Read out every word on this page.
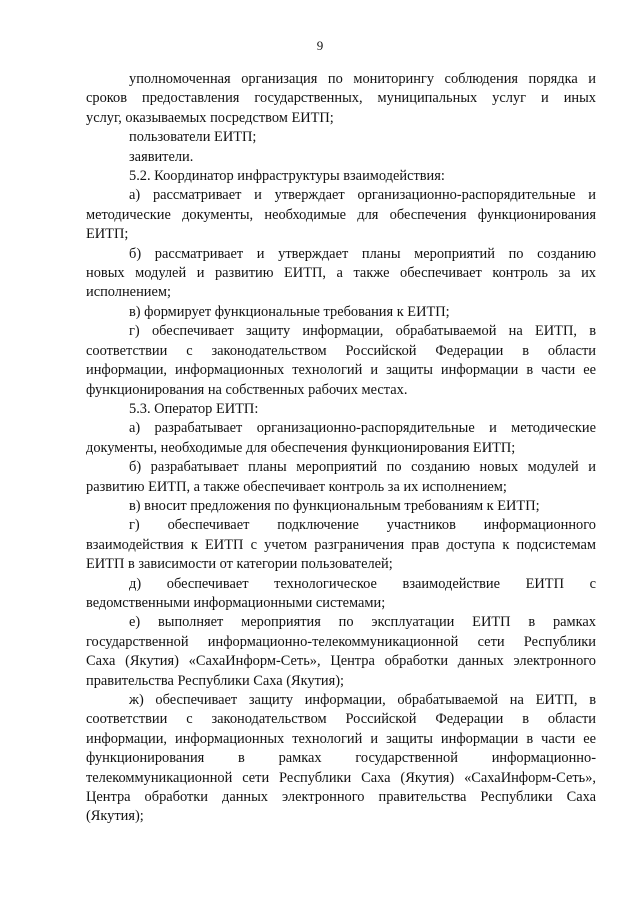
9
уполномоченная организация по мониторингу соблюдения порядка и
сроков предоставления государственных, муниципальных услуг и иных
услуг, оказываемых посредством ЕИТП;
пользователи ЕИТП;
заявители.
5.2. Координатор инфраструктуры взаимодействия:
а) рассматривает и утверждает организационно-распорядительные и
методические документы, необходимые для обеспечения функционирования
ЕИТП;
б) рассматривает и утверждает планы мероприятий по созданию
новых модулей и развитию ЕИТП, а также обеспечивает контроль за их
исполнением;
в) формирует функциональные требования к ЕИТП;
г) обеспечивает защиту информации, обрабатываемой на ЕИТП, в
соответствии с законодательством Российской Федерации в области
информации, информационных технологий и защиты информации в части ее
функционирования на собственных рабочих местах.
5.3. Оператор ЕИТП:
а) разрабатывает организационно-распорядительные и методические
документы, необходимые для обеспечения функционирования ЕИТП;
б) разрабатывает планы мероприятий по созданию новых модулей и
развитию ЕИТП, а также обеспечивает контроль за их исполнением;
в) вносит предложения по функциональным требованиям к ЕИТП;
г) обеспечивает подключение участников информационного
взаимодействия к ЕИТП с учетом разграничения прав доступа к подсистемам
ЕИТП в зависимости от категории пользователей;
д) обеспечивает технологическое взаимодействие ЕИТП с
ведомственными информационными системами;
е) выполняет мероприятия по эксплуатации ЕИТП в рамках
государственной информационно-телекоммуникационной сети Республики
Саха (Якутия) «СахаИнформ-Сеть», Центра обработки данных электронного
правительства Республики Саха (Якутия);
ж) обеспечивает защиту информации, обрабатываемой на ЕИТП, в
соответствии с законодательством Российской Федерации в области
информации, информационных технологий и защиты информации в части ее
функционирования в рамках государственной информационно-
телекоммуникационной сети Республики Саха (Якутия) «СахаИнформ-Сеть»,
Центра обработки данных электронного правительства Республики Саха
(Якутия);
